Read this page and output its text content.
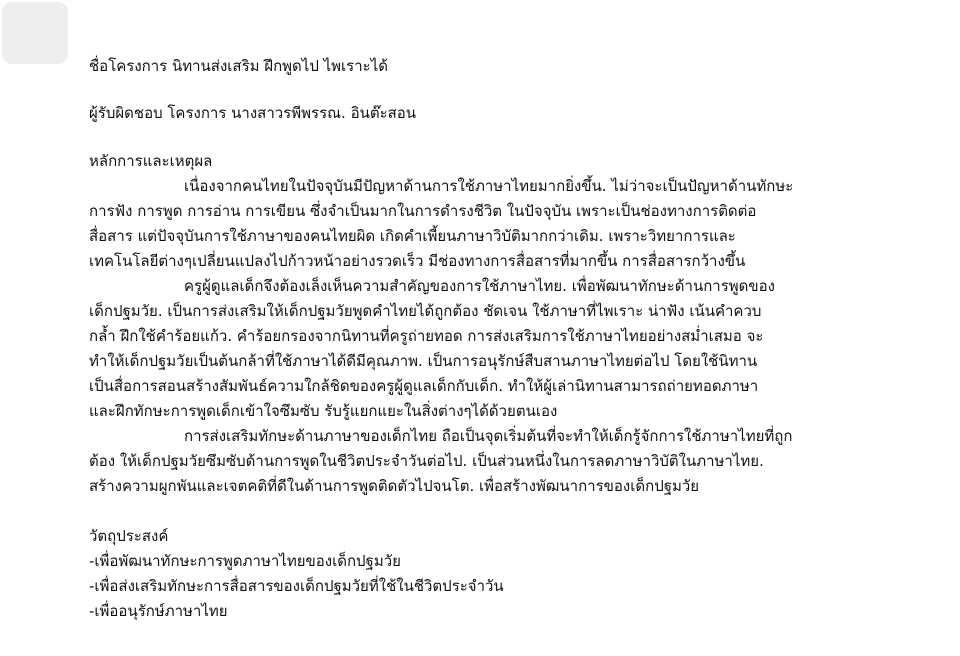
ชื่อโครงการ นิทานส่งเสริม ฝึกพูดไป ไพเราะได้
ผู้รับผิดชอบ โครงการ นางสาวรพีพรรณ. อินต๊ะสอน
หลักการและเหตุผล
เนื่องจากคนไทยในปัจจุบันมีปัญหาด้านการใช้ภาษาไทยมากยิ่งขึ้น. ไม่ว่าจะเป็นปัญหาด้านทักษะ
การฟัง การพูด การอ่าน การเขียน ซึ่งจำเป็นมากในการดำรงชีวิต ในปัจจุบัน เพราะเป็นช่องทางการติดต่อ
สื่อสาร แต่ปัจจุบันการใช้ภาษาของคนไทยผิด เกิดคำเพี้ยนภาษาวิบัติมากกว่าเดิม. เพราะวิทยาการและ
เทคโนโลยีต่างๆเปลี่ยนแปลงไปก้าวหน้าอย่างรวดเร็ว มีช่องทางการสื่อสารที่มากขึ้น การสื่อสารกว้างขึ้น
ครูผู้ดูแลเด็กจึงต้องเล็งเห็นความสำคัญของการใช้ภาษาไทย. เพื่อพัฒนาทักษะด้านการพูดของ
เด็กปฐมวัย. เป็นการส่งเสริมให้เด็กปฐมวัยพูดคำไทยได้ถูกต้อง ชัดเจน ใช้ภาษาที่ไพเราะ น่าฟัง เน้นคำควบ
กล้ำ ฝึกใช้คำร้อยแก้ว. คำร้อยกรองจากนิทานที่ครูถ่ายทอด การส่งเสริมการใช้ภาษาไทยอย่างสม่ำเสมอ จะ
ทำให้เด็กปฐมวัยเป็นต้นกล้าที่ใช้ภาษาได้ดีมีคุณภาพ. เป็นการอนุรักษ์สืบสานภาษาไทยต่อไป โดยใช้นิทาน
เป็นสื่อการสอนสร้างสัมพันธ์ความใกล้ชิดของครูผู้ดูแลเด็กกับเด็ก. ทำให้ผู้เล่านิทานสามารถถ่ายทอดภาษา
และฝึกทักษะการพูดเด็กเข้าใจซึมซับ รับรู้แยกแยะในสิ่งต่างๆได้ด้วยตนเอง
การส่งเสริมทักษะด้านภาษาของเด็กไทย ถือเป็นจุดเริ่มต้นที่จะทำให้เด็กรู้จักการใช้ภาษาไทยที่ถูก
ต้อง ให้เด็กปฐมวัยซึมซับด้านการพูดในชีวิตประจำวันต่อไป. เป็นส่วนหนึ่งในการลดภาษาวิบัติในภาษาไทย.
สร้างความผูกพันและเจตคติที่ดีในด้านการพูดติดตัวไปจนโต. เพื่อสร้างพัฒนาการของเด็กปฐมวัย
วัตถุประสงค์
-เพื่อพัฒนาทักษะการพูดภาษาไทยของเด็กปฐมวัย
-เพื่อส่งเสริมทักษะการสื่อสารของเด็กปฐมวัยที่ใช้ในชีวิตประจำวัน
-เพื่ออนุรักษ์ภาษาไทย
